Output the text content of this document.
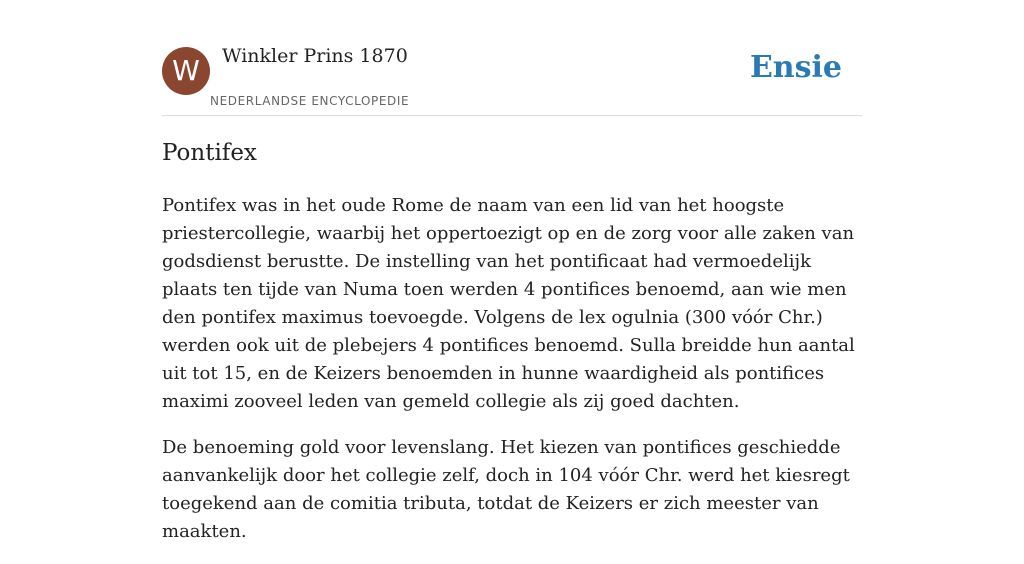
W	Winkler Prins 1870
NEDERLANDSE ENCYCLOPEDIE
Ensie
Pontifex

Pontifex was in het oude Rome de naam van een lid van het hoogste priestercollegie, waarbij het oppertoezigt op en de zorg voor alle zaken van godsdienst berustte. De instelling van het pontificaat had vermoedelijk plaats ten tijde van Numa toen werden 4 pontifices benoemd, aan wie men den pontifex maximus toevoegde. Volgens de lex ogulnia (300 vóór Chr.) werden ook uit de plebejers 4 pontifices benoemd. Sulla breidde hun aantal uit tot 15, en de Keizers benoemden in hunne waardigheid als pontifices maximi zooveel leden van gemeld collegie als zij goed dachten.

De benoeming gold voor levenslang. Het kiezen van pontifices geschiedde aanvankelijk door het collegie zelf, doch in 104 vóór Chr. werd het kiesregt toegekend aan de comitia tributa, totdat de Keizers er zich meester van maakten.
